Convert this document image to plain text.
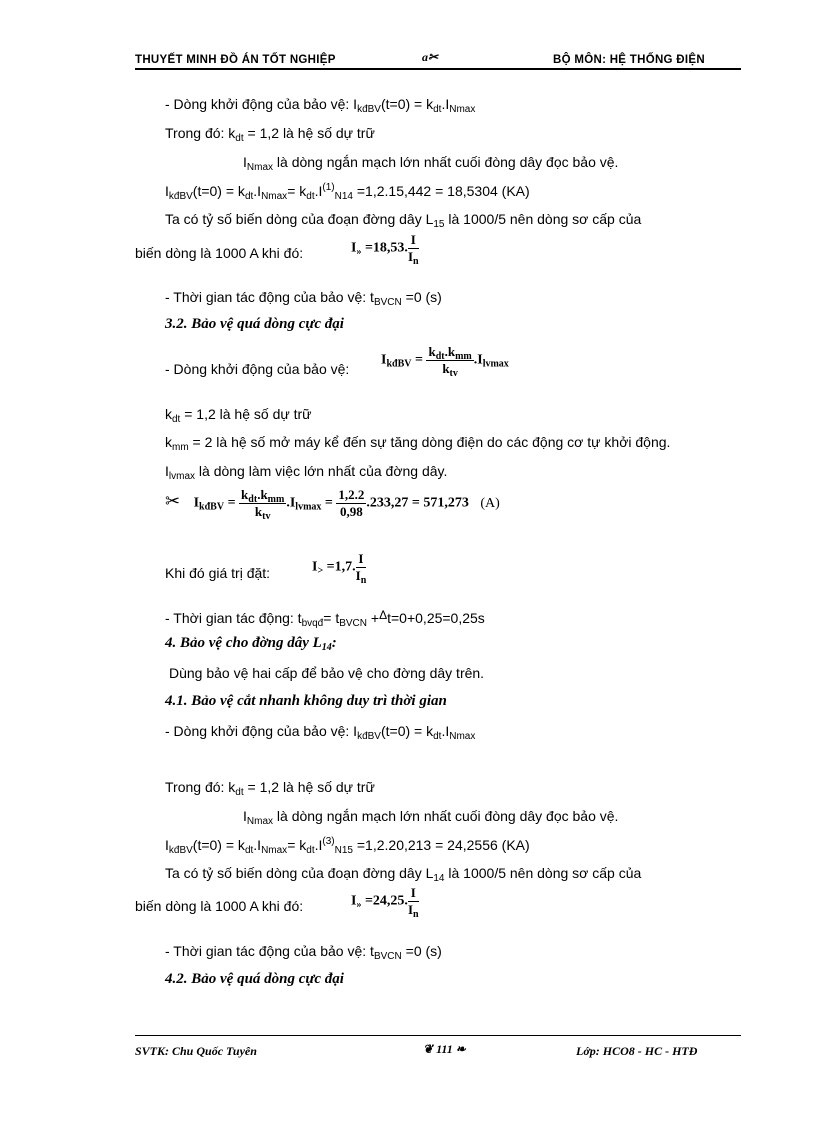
THUYẾT MINH ĐỒ ÁN TỐT NGHIỆP	a✂	BỘ MÔN: HỆ THỐNG ĐIỆN
- Dòng khởi động của bảo vệ: $I_{kđBV}(t=0) = k_{dt}.I_{Nmax}$
Trong đó: $k_{dt} = 1,2$ là hệ số dự trữ
$I_{Nmax}$ là dòng ngắn mạch lớn nhất cuối đòng dây đọc bảo vệ.
$I_{kđBV}(t=0) = k_{dt}.I_{Nmax}= k_{dt}.I^{(1)}_{N14} =1,2.15,442 = 18,5304$ (KA)
Ta có tỷ số biến dòng của đoạn đờng dây $L_{15}$ là 1000/5 nên dòng sơ cấp của
biến dòng là 1000 A khi đó:	$I_» =18,53$. $\frac{I}{I_n}$
- Thời gian tác động của bảo vệ: $t_{BVCN} =0$ (s)
3.2. Bảo vệ quá dòng cực đại
- Dòng khởi động của bảo vệ:
$I_{kđBV} = \frac{k_{dt}.k_{mm}}{k_{tv}} .I_{lvmax}$
$k_{dt} = 1,2$ là hệ số dự trữ
$k_{mm} = 2$ là hệ số mở máy kể đến sự tăng dòng điện do các động cơ tự khởi động.
$I_{lvmax}$ là dòng làm việc lớn nhất của đờng dây.
✂ $I_{kđBV} = \frac{k_{dt}.k_{mm}}{k_{tv}} .I_{lvmax} = \frac{1,2.2}{0,98} .233,27 = 571,273$ (A)
Khi đó giá trị đặt:	$I_> =1,7$. $\frac{I}{I_n}$
- Thời gian tác động: $t_{bvqđ}= t_{BVCN} +\Delta t=0+0,25=0,25s$
4. Bảo vệ cho đờng dây $L_{14}$:
Dùng bảo vệ hai cấp để bảo vệ cho đờng dây trên.
4.1. Bảo vệ cắt nhanh không duy trì thời gian
- Dòng khởi động của bảo vệ: $I_{kđBV}(t=0) = k_{dt}.I_{Nmax}$
Trong đó: $k_{dt} = 1,2$ là hệ số dự trữ
$I_{Nmax}$ là dòng ngắn mạch lớn nhất cuối đòng dây đọc bảo vệ.
$I_{kđBV}(t=0) = k_{dt}.I_{Nmax}= k_{dt}.I^{(3)}_{N15} =1,2.20,213 = 24,2556$ (KA)
Ta có tỷ số biến dòng của đoạn đờng dây $L_{14}$ là 1000/5 nên dòng sơ cấp của
biến dòng là 1000 A khi đó:	$I_» =24,25$. $\frac{I}{I_n}$
- Thời gian tác động của bảo vệ: $t_{BVCN} =0$ (s)
4.2. Bảo vệ quá dòng cực đại
SVTK: Chu Quốc Tuyên	❦ 111 ❧	Lớp: HCO8 - HC - HTĐ
